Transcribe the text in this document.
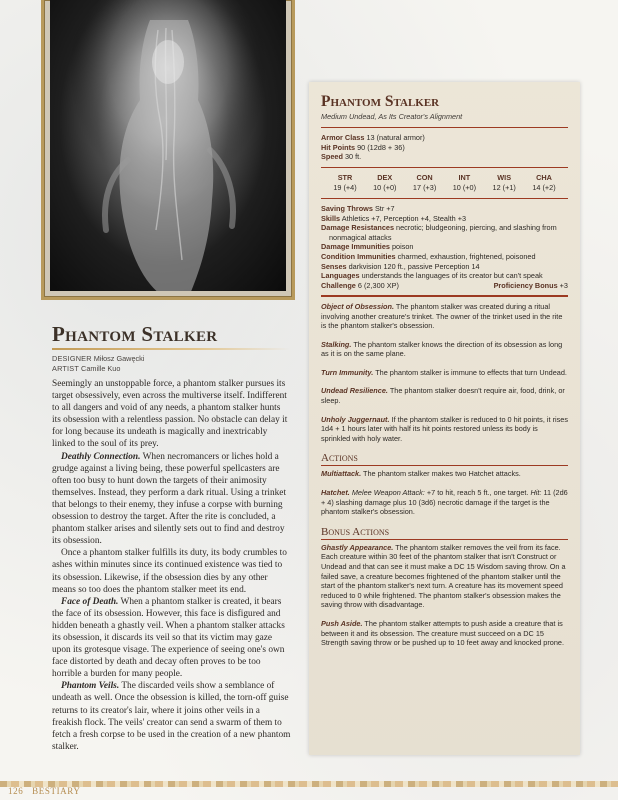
Phantom Stalker
DESIGNER Miłosz Gawęcki
ARTIST Camille Kuo

Seemingly an unstoppable force, a phantom stalker pursues its target obsessively, even across the multiverse itself. Indifferent to all dangers and void of any needs, a phantom stalker hunts its obsession with a relentless passion. No obstacle can delay it for long because its undeath is magically and inextricably linked to the soul of its prey.

Deathly Connection. When necromancers or liches hold a grudge against a living being, these powerful spellcasters are often too busy to hunt down the targets of their animosity themselves. Instead, they perform a dark ritual. Using a trinket that belongs to their enemy, they infuse a corpse with burning obsession to destroy the target. After the rite is concluded, a phantom stalker arises and silently sets out to find and destroy its obsession.

Once a phantom stalker fulfills its duty, its body crumbles to ashes within minutes since its continued existence was tied to its obsession. Likewise, if the obsession dies by any other means so too does the phantom stalker meet its end.

Face of Death. When a phantom stalker is created, it bears the face of its obsession. However, this face is disfigured and hidden beneath a ghastly veil. When a phantom stalker attacks its obsession, it discards its veil so that its victim may gaze upon its grotesque visage. The experience of seeing one's own face distorted by death and decay often proves to be too horrible a burden for many people.

Phantom Veils. The discarded veils show a semblance of undeath as well. Once the obsession is killed, the torn-off guise returns to its creator's lair, where it joins other veils in a freakish flock. The veils' creator can send a swarm of them to fetch a fresh corpse to be used in the creation of a new phantom stalker.

Phantom Stalker
Medium Undead, As Its Creator's Alignment

Armor Class 13 (natural armor)

Hit Points 90 (12d8 + 36)

Speed 30 ft.

STR
19 (+4)
DEX
10 (+0)
CON
17 (+3)
INT
10 (+0)
WIS
12 (+1)
CHA
14 (+2)

Saving Throws Str +7

Skills Athletics +7, Perception +4, Stealth +3

Damage Resistances necrotic; bludgeoning, piercing, and slashing from nonmagical attacks

Damage Immunities poison

Condition Immunities charmed, exhaustion, frightened, poisoned

Senses darkvision 120 ft., passive Perception 14

Languages understands the languages of its creator but can't speak

Challenge 6 (2,300 XP)	Proficiency Bonus +3

Object of Obsession. The phantom stalker was created during a ritual involving another creature's trinket. The owner of the trinket used in the rite is the phantom stalker's obsession.

Stalking. The phantom stalker knows the direction of its obsession as long as it is on the same plane.

Turn Immunity. The phantom stalker is immune to effects that turn Undead.

Undead Resilience. The phantom stalker doesn't require air, food, drink, or sleep.

Unholy Juggernaut. If the phantom stalker is reduced to 0 hit points, it rises 1d4 + 1 hours later with half its hit points restored unless its body is sprinkled with holy water.

Actions

Multiattack. The phantom stalker makes two Hatchet attacks.

Hatchet. Melee Weapon Attack: +7 to hit, reach 5 ft., one target. Hit: 11 (2d6 + 4) slashing damage plus 10 (3d6) necrotic damage if the target is the phantom stalker's obsession.

Bonus Actions

Ghastly Appearance. The phantom stalker removes the veil from its face. Each creature within 30 feet of the phantom stalker that isn't Construct or Undead and that can see it must make a DC 15 Wisdom saving throw. On a failed save, a creature becomes frightened of the phantom stalker until the start of the phantom stalker's next turn. A creature has its movement speed reduced to 0 while frightened. The phantom stalker's obsession makes the saving throw with disadvantage.

Push Aside. The phantom stalker attempts to push aside a creature that is between it and its obsession. The creature must succeed on a DC 15 Strength saving throw or be pushed up to 10 feet away and knocked prone.

126 BESTIARY
